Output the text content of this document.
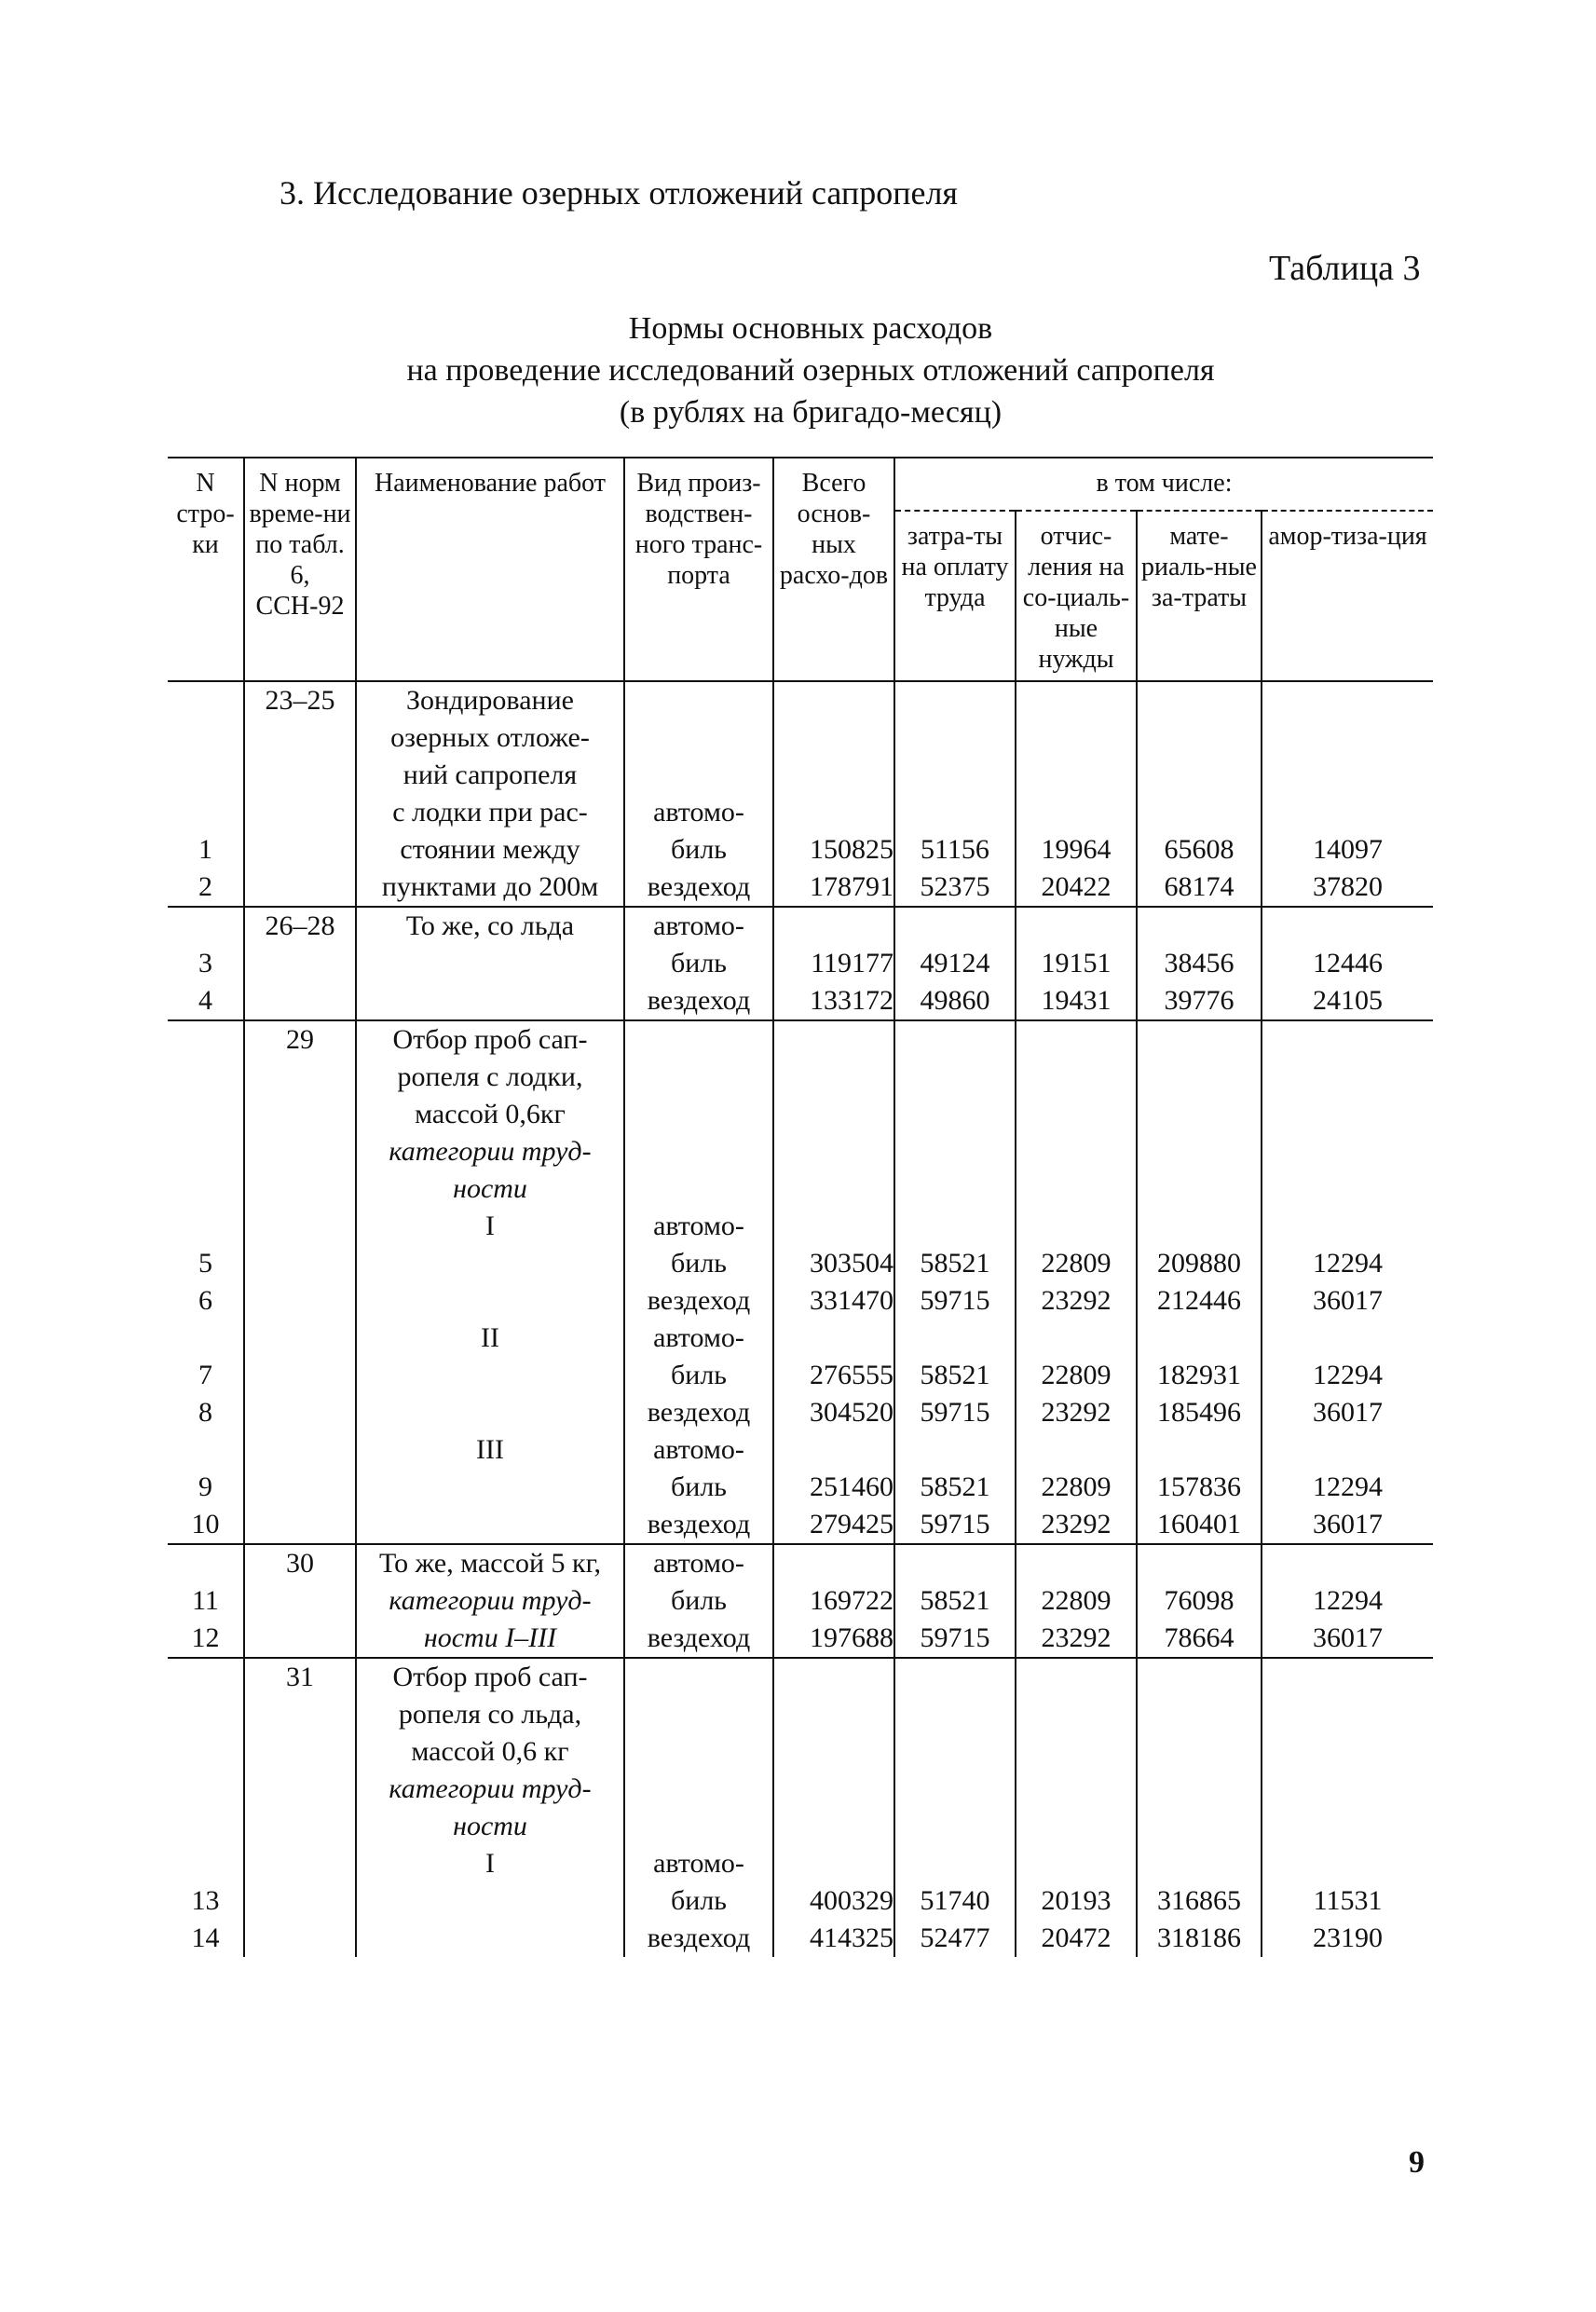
3. Исследование озерных отложений сапропеля
Таблица 3
Нормы основных расходов
на проведение исследований озерных отложений сапропеля
(в рублях на бригадо-месяц)
N стро-ки	N норм време-ни по табл. 6, ССН-92	Наименование работ	Вид произ-водствен-ного транс-порта	Всего основ-ных расхо-дов	в том числе:			
					затра-ты на оплату труда	отчис-ления на со-циаль-ные нужды	мате-риаль-ные за-траты	амор-тиза-ция
	23–25	Зондирование						
		озерных отложе-						
		ний сапропеля						
		с лодки при рас-	автомо-					
1		стоянии между	биль	150825	51156	19964	65608	14097
2		пунктами до 200м	вездеход	178791	52375	20422	68174	37820
	26–28	То же, со льда	автомо-					
3			биль	119177	49124	19151	38456	12446
4			вездеход	133172	49860	19431	39776	24105
	29	Отбор проб сап-						
		ропеля с лодки,						
		массой 0,6кг						
		категории труд-						
		ности						
		I	автомо-					
5			биль	303504	58521	22809	209880	12294
6			вездеход	331470	59715	23292	212446	36017
		II	автомо-					
7			биль	276555	58521	22809	182931	12294
8			вездеход	304520	59715	23292	185496	36017
		III	автомо-					
9			биль	251460	58521	22809	157836	12294
10			вездеход	279425	59715	23292	160401	36017
	30	То же, массой 5 кг,	автомо-					
11		категории труд-	биль	169722	58521	22809	76098	12294
12		ности I–III	вездеход	197688	59715	23292	78664	36017
	31	Отбор проб сап-						
		ропеля со льда,						
		массой 0,6 кг						
		категории труд-						
		ности						
		I	автомо-					
13			биль	400329	51740	20193	316865	11531
14			вездеход	414325	52477	20472	318186	23190
9
